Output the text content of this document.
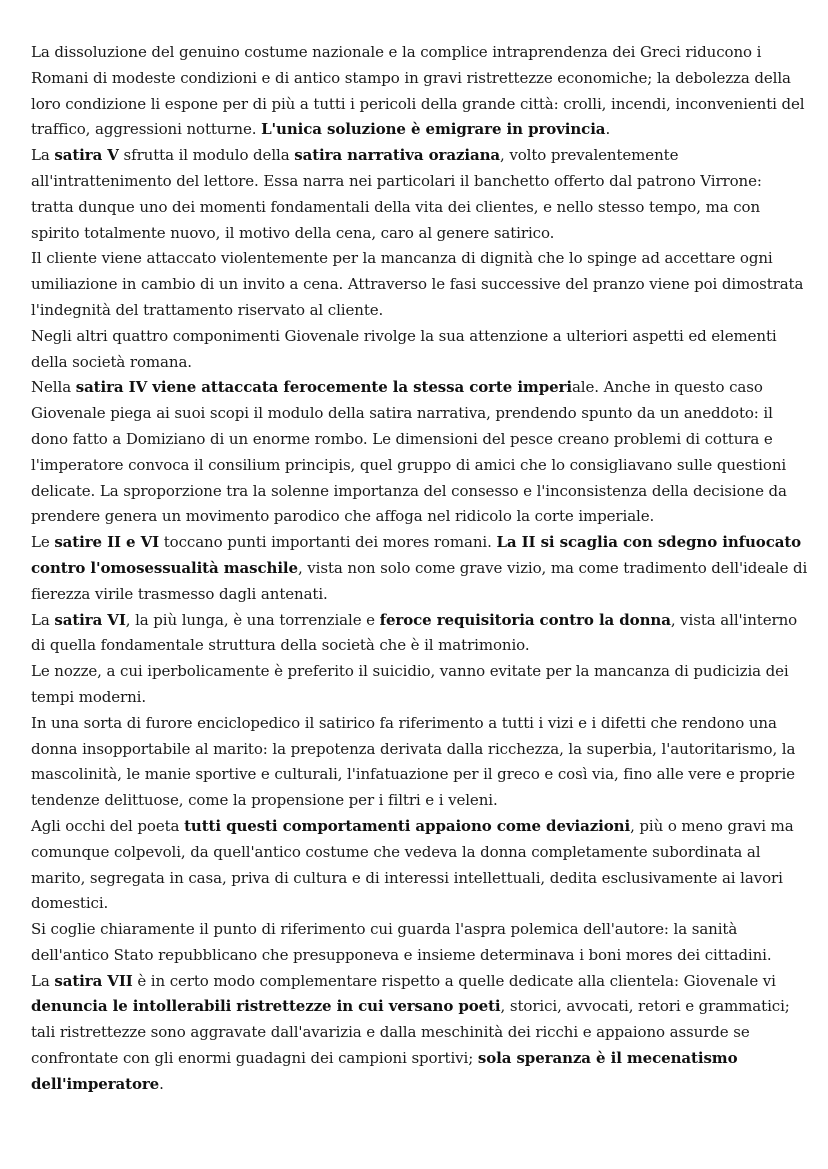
La dissoluzione del genuino costume nazionale e la complice intraprendenza dei Greci riducono i Romani di modeste condizioni e di antico stampo in gravi ristrettezze economiche; la debolezza della loro condizione li espone per di più a tutti i pericoli della grande città: crolli, incendi, inconvenienti del traffico, aggressioni notturne. L'unica soluzione è emigrare in provincia.

La satira V sfrutta il modulo della satira narrativa oraziana, volto prevalentemente all'intrattenimento del lettore. Essa narra nei particolari il banchetto offerto dal patrono Virrone: tratta dunque uno dei momenti fondamentali della vita dei clientes, e nello stesso tempo, ma con spirito totalmente nuovo, il motivo della cena, caro al genere satirico.

Il cliente viene attaccato violentemente per la mancanza di dignità che lo spinge ad accettare ogni umiliazione in cambio di un invito a cena. Attraverso le fasi successive del pranzo viene poi dimostrata l'indegnità del trattamento riservato al cliente.

Negli altri quattro componimenti Giovenale rivolge la sua attenzione a ulteriori aspetti ed elementi della società romana.

Nella satira IV viene attaccata ferocemente la stessa corte imperiale. Anche in questo caso Giovenale piega ai suoi scopi il modulo della satira narrativa, prendendo spunto da un aneddoto: il dono fatto a Domiziano di un enorme rombo. Le dimensioni del pesce creano problemi di cottura e l'imperatore convoca il consilium principis, quel gruppo di amici che lo consigliavano sulle questioni delicate. La sproporzione tra la solenne importanza del consesso e l'inconsistenza della decisione da prendere genera un movimento parodico che affoga nel ridicolo la corte imperiale.

Le satire II e VI toccano punti importanti dei mores romani. La II si scaglia con sdegno infuocato contro l'omosessualità maschile, vista non solo come grave vizio, ma come tradimento dell'ideale di fierezza virile trasmesso dagli antenati.

La satira VI, la più lunga, è una torrenziale e feroce requisitoria contro la donna, vista all'interno di quella fondamentale struttura della società che è il matrimonio.

Le nozze, a cui iperbolicamente è preferito il suicidio, vanno evitate per la mancanza di pudicizia dei tempi moderni.

In una sorta di furore enciclopedico il satirico fa riferimento a tutti i vizi e i difetti che rendono una donna insopportabile al marito: la prepotenza derivata dalla ricchezza, la superbia, l'autoritarismo, la mascolinità, le manie sportive e culturali, l'infatuazione per il greco e così via, fino alle vere e proprie tendenze delittuose, come la propensione per i filtri e i veleni.

Agli occhi del poeta tutti questi comportamenti appaiono come deviazioni, più o meno gravi ma comunque colpevoli, da quell'antico costume che vedeva la donna completamente subordinata al marito, segregata in casa, priva di cultura e di interessi intellettuali, dedita esclusivamente ai lavori domestici.

Si coglie chiaramente il punto di riferimento cui guarda l'aspra polemica dell'autore: la sanità dell'antico Stato repubblicano che presupponeva e insieme determinava i boni mores dei cittadini.

La satira VII è in certo modo complementare rispetto a quelle dedicate alla clientela: Giovenale vi denuncia le intollerabili ristrettezze in cui versano poeti, storici, avvocati, retori e grammatici; tali ristrettezze sono aggravate dall'avarizia e dalla meschinità dei ricchi e appaiono assurde se confrontate con gli enormi guadagni dei campioni sportivi; sola speranza è il mecenatismo dell'imperatore.
